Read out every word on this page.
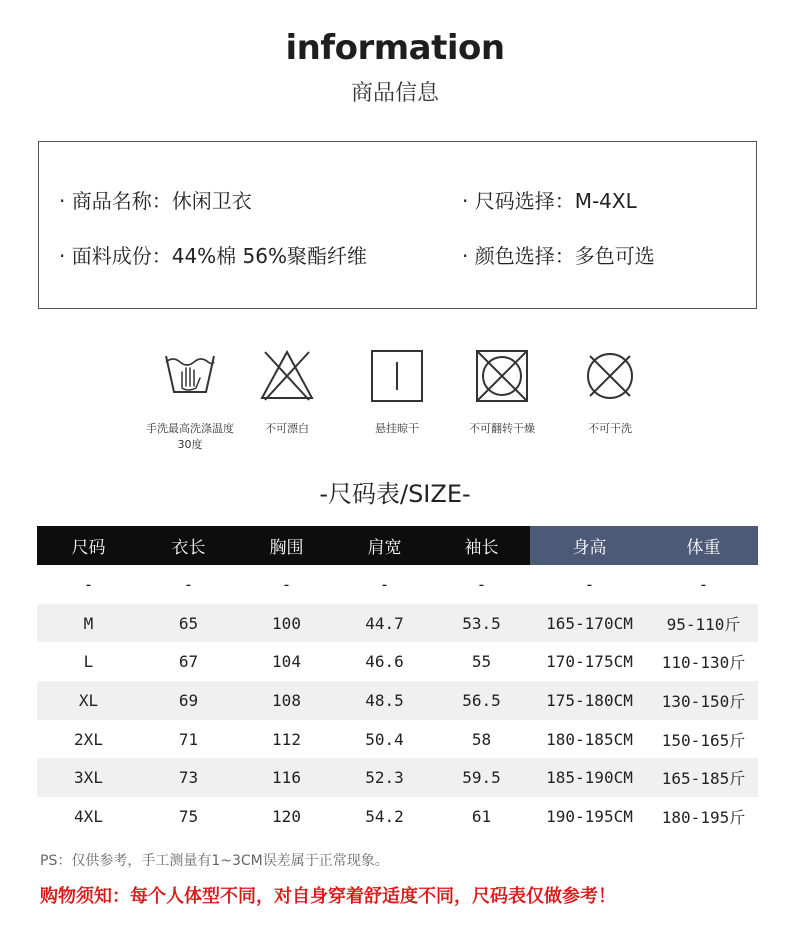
information
商品信息
· 商品名称：休闲卫衣	· 尺码选择：M-4XL
· 面料成份：44%棉 56%聚酯纤维	· 颜色选择：多色可选
手洗最高洗涤温度30度
不可漂白	悬挂晾干	不可翻转干燥	不可干洗
-尺码表/SIZE-
尺码	衣长	胸围	肩宽	袖长	身高	体重
-	-	-	-	-	-	-
M	65	100	44.7	53.5	165-170CM	95-110斤
L	67	104	46.6	55	170-175CM	110-130斤
XL	69	108	48.5	56.5	175-180CM	130-150斤
2XL	71	112	50.4	58	180-185CM	150-165斤
3XL	73	116	52.3	59.5	185-190CM	165-185斤
4XL	75	120	54.2	61	190-195CM	180-195斤
PS：仅供参考，手工测量有1~3CM误差属于正常现象。
购物须知：每个人体型不同，对自身穿着舒适度不同，尺码表仅做参考！
